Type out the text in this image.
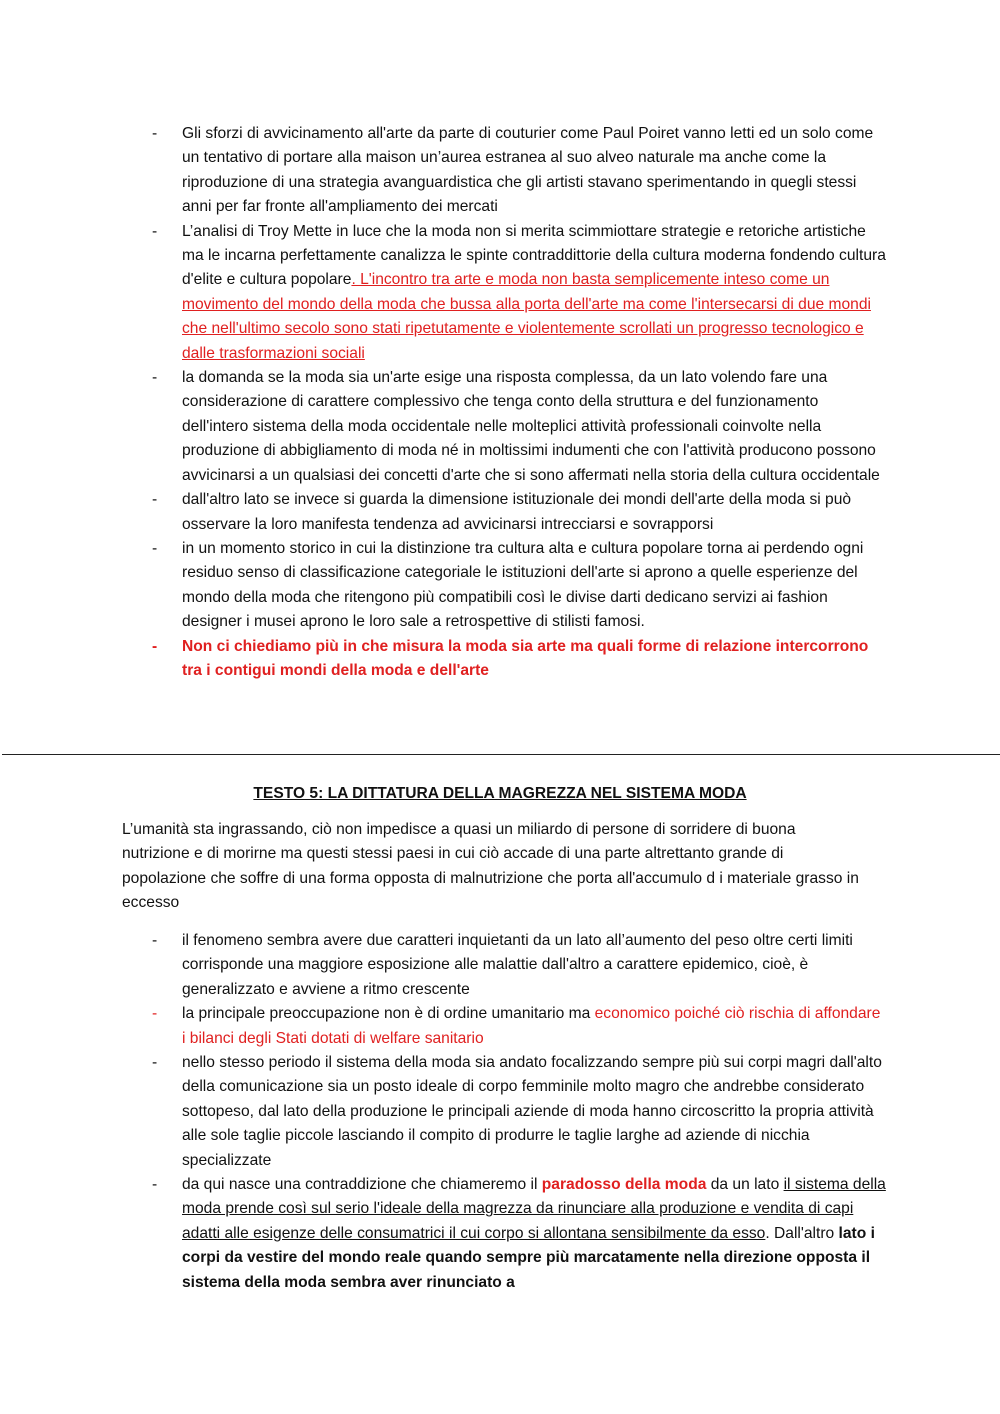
- Gli sforzi di avvicinamento all'arte da parte di couturier come Paul Poiret vanno letti ed un solo come un tentativo di portare alla maison un’aurea estranea al suo alveo naturale ma anche come la riproduzione di una strategia avanguardistica che gli artisti stavano sperimentando in quegli stessi anni per far fronte all'ampliamento dei mercati
- L’analisi di Troy Mette in luce che la moda non si merita scimmiottare strategie e retoriche artistiche ma le incarna perfettamente canalizza le spinte contraddittorie della cultura moderna fondendo cultura d'elite e cultura popolare. L'incontro tra arte e moda non basta semplicemente inteso come un movimento del mondo della moda che bussa alla porta dell'arte ma come l'intersecarsi di due mondi che nell'ultimo secolo sono stati ripetutamente e violentemente scrollati un progresso tecnologico e dalle trasformazioni sociali
- la domanda se la moda sia un'arte esige una risposta complessa, da un lato volendo fare una considerazione di carattere complessivo che tenga conto della struttura e del funzionamento dell'intero sistema della moda occidentale nelle molteplici attività professionali coinvolte nella produzione di abbigliamento di moda né in moltissimi indumenti che con l'attività producono possono avvicinarsi a un qualsiasi dei concetti d'arte che si sono affermati nella storia della cultura occidentale
- dall'altro lato se invece si guarda la dimensione istituzionale dei mondi dell'arte della moda si può osservare la loro manifesta tendenza ad avvicinarsi intrecciarsi e sovrapporsi
- in un momento storico in cui la distinzione tra cultura alta e cultura popolare torna ai perdendo ogni residuo senso di classificazione categoriale le istituzioni dell'arte si aprono a quelle esperienze del mondo della moda che ritengono più compatibili così le divise darti dedicano servizi ai fashion designer i musei aprono le loro sale a retrospettive di stilisti famosi.
- Non ci chiediamo più in che misura la moda sia arte ma quali forme di relazione intercorrono tra i contigui mondi della moda e dell'arte
TESTO 5: LA DITTATURA DELLA MAGREZZA NEL SISTEMA MODA

L’umanità sta ingrassando, ciò non impedisce a quasi un miliardo di persone di sorridere di buona nutrizione e di morirne ma questi stessi paesi in cui ciò accade di una parte altrettanto grande di popolazione che soffre di una forma opposta di malnutrizione che porta all'accumulo d i materiale grasso in eccesso

- il fenomeno sembra avere due caratteri inquietanti da un lato all’aumento del peso oltre certi limiti corrisponde una maggiore esposizione alle malattie dall'altro a carattere epidemico, cioè, è generalizzato e avviene a ritmo crescente
- la principale preoccupazione non è di ordine umanitario ma economico poiché ciò rischia di affondare i bilanci degli Stati dotati di welfare sanitario
- nello stesso periodo il sistema della moda sia andato focalizzando sempre più sui corpi magri dall'alto della comunicazione sia un posto ideale di corpo femminile molto magro che andrebbe considerato sottopeso, dal lato della produzione le principali aziende di moda hanno circoscritto la propria attività alle sole taglie piccole lasciando il compito di produrre le taglie larghe ad aziende di nicchia specializzate
- da qui nasce una contraddizione che chiameremo il paradosso della moda da un lato il sistema della moda prende così sul serio l'ideale della magrezza da rinunciare alla produzione e vendita di capi adatti alle esigenze delle consumatrici il cui corpo si allontana sensibilmente da esso. Dall'altro lato i corpi da vestire del mondo reale quando sempre più marcatamente nella direzione opposta il sistema della moda sembra aver rinunciato a
